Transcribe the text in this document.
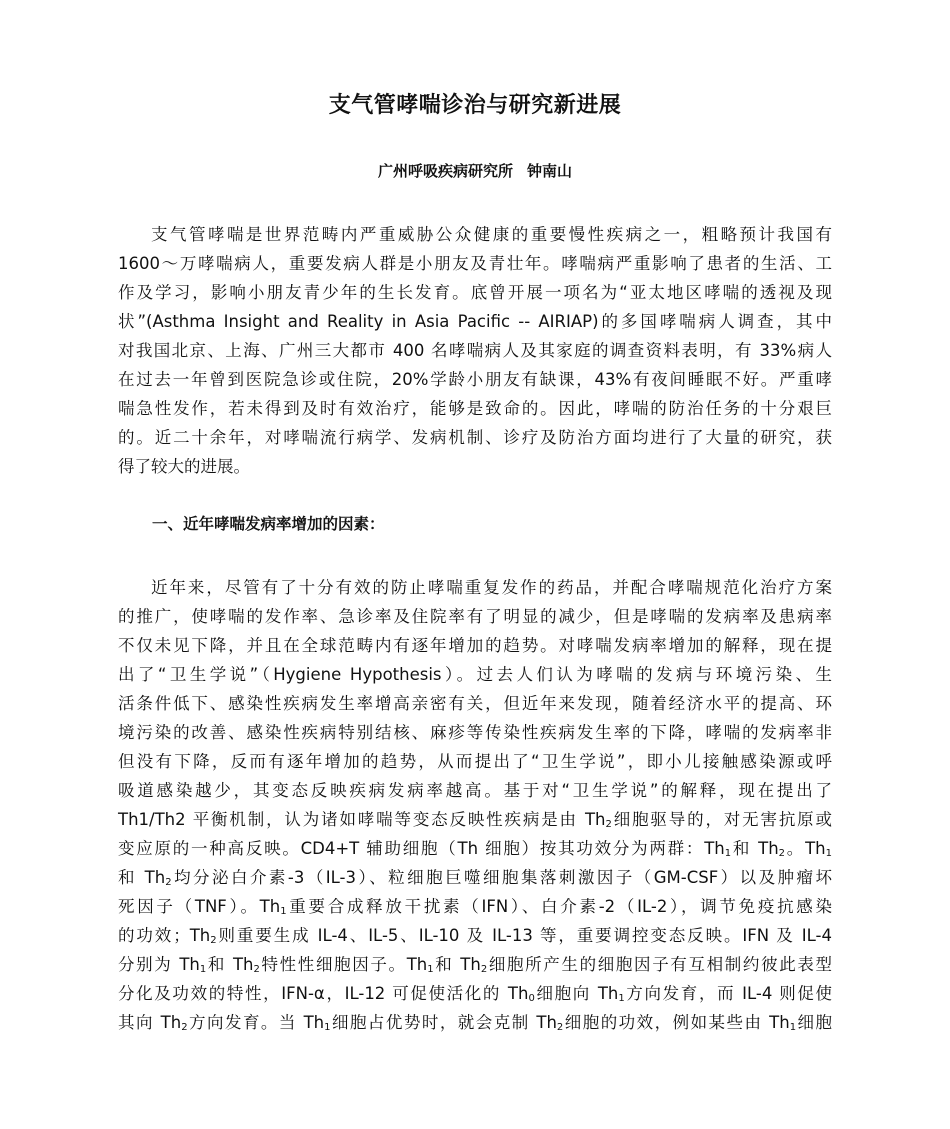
支气管哮喘诊治与研究新进展
广州呼吸疾病研究所 钟南山
支气管哮喘是世界范畴内严重威胁公众健康的重要慢性疾病之一，粗略预计我国有
1600～万哮喘病人，重要发病人群是小朋友及青壮年。哮喘病严重影响了患者的生活、工
作及学习，影响小朋友青少年的生长发育。底曾开展一项名为“亚太地区哮喘的透视及现
状”(Asthma Insight and Reality in Asia Pacific -- AIRIAP)的多国哮喘病人调查，其中
对我国北京、上海、广州三大都市 400 名哮喘病人及其家庭的调查资料表明，有 33%病人
在过去一年曾到医院急诊或住院，20%学龄小朋友有缺课，43%有夜间睡眠不好。严重哮
喘急性发作，若未得到及时有效治疗，能够是致命的。因此，哮喘的防治任务的十分艰巨
的。近二十余年，对哮喘流行病学、发病机制、诊疗及防治方面均进行了大量的研究，获
得了较大的进展。
一、近年哮喘发病率增加的因素：
近年来，尽管有了十分有效的防止哮喘重复发作的药品，并配合哮喘规范化治疗方案
的推广，使哮喘的发作率、急诊率及住院率有了明显的减少，但是哮喘的发病率及患病率
不仅未见下降，并且在全球范畴内有逐年增加的趋势。对哮喘发病率增加的解释，现在提
出了“卫生学说”（Hygiene Hypothesis）。过去人们认为哮喘的发病与环境污染、生
活条件低下、感染性疾病发生率增高亲密有关，但近年来发现，随着经济水平的提高、环
境污染的改善、感染性疾病特别结核、麻疹等传染性疾病发生率的下降，哮喘的发病率非
但没有下降，反而有逐年增加的趋势，从而提出了“卫生学说”，即小儿接触感染源或呼
吸道感染越少，其变态反映疾病发病率越高。基于对“卫生学说”的解释，现在提出了
Th1/Th2 平衡机制，认为诸如哮喘等变态反映性疾病是由 $Th_2$细胞驱导的，对无害抗原或
变应原的一种高反映。CD4+T 辅助细胞（Th 细胞）按其功效分为两群：$Th_1$和 $Th_2$。$Th_1$
和 $Th_2$均分泌白介素-3（IL-3）、粒细胞巨噬细胞集落刺激因子（GM-CSF）以及肿瘤坏
死因子（TNF）。$Th_1$重要合成释放干扰素（IFN）、白介素-2（IL-2），调节免疫抗感染
的功效；$Th_2$则重要生成 IL-4、IL-5、IL-10 及 IL-13 等，重要调控变态反映。IFN 及 IL-4
分别为 $Th_1$和 $Th_2$特性性细胞因子。$Th_1$和 $Th_2$细胞所产生的细胞因子有互相制约彼此表型
分化及功效的特性，IFN-α，IL-12 可促使活化的 $Th_0$细胞向 $Th_1$方向发育，而 IL-4 则促使
其向 $Th_2$方向发育。当 $Th_1$细胞占优势时，就会克制 $Th_2$细胞的功效，例如某些由 $Th_1$细胞
